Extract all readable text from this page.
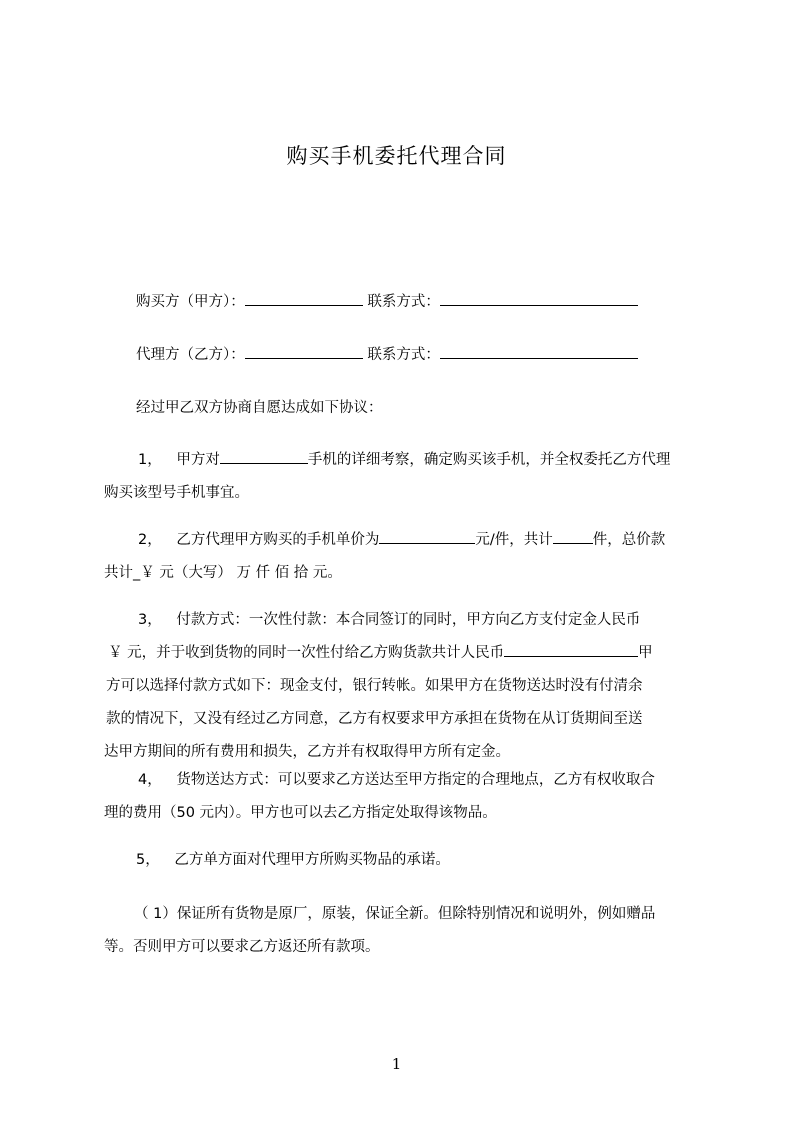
购买手机委托代理合同
购买方（甲方）：	联系方式：
代理方（乙方）：	联系方式：
经过甲乙双方协商自愿达成如下协议：
1， 甲方对	手机的详细考察，确定购买该手机，并全权委托乙方代理
购买该型号手机事宜。
2， 乙方代理甲方购买的手机单价为	元/件，共计	件，总价款
共计_￥ 元（大写） 万 仟 佰 拾 元。
3， 付款方式：一次性付款：本合同签订的同时，甲方向乙方支付定金人民币
￥ 元，并于收到货物的同时一次性付给乙方购货款共计人民币	甲
方可以选择付款方式如下：现金支付，银行转帐。如果甲方在货物送达时没有付清余
款的情况下，又没有经过乙方同意，乙方有权要求甲方承担在货物在从订货期间至送
达甲方期间的所有费用和损失，乙方并有权取得甲方所有定金。
4， 货物送达方式：可以要求乙方送达至甲方指定的合理地点，乙方有权收取合
理的费用（50 元内）。甲方也可以去乙方指定处取得该物品。
5， 乙方单方面对代理甲方所购买物品的承诺。
（ 1）保证所有货物是原厂，原装，保证全新。但除特别情况和说明外，例如赠品
等。否则甲方可以要求乙方返还所有款项。
1
